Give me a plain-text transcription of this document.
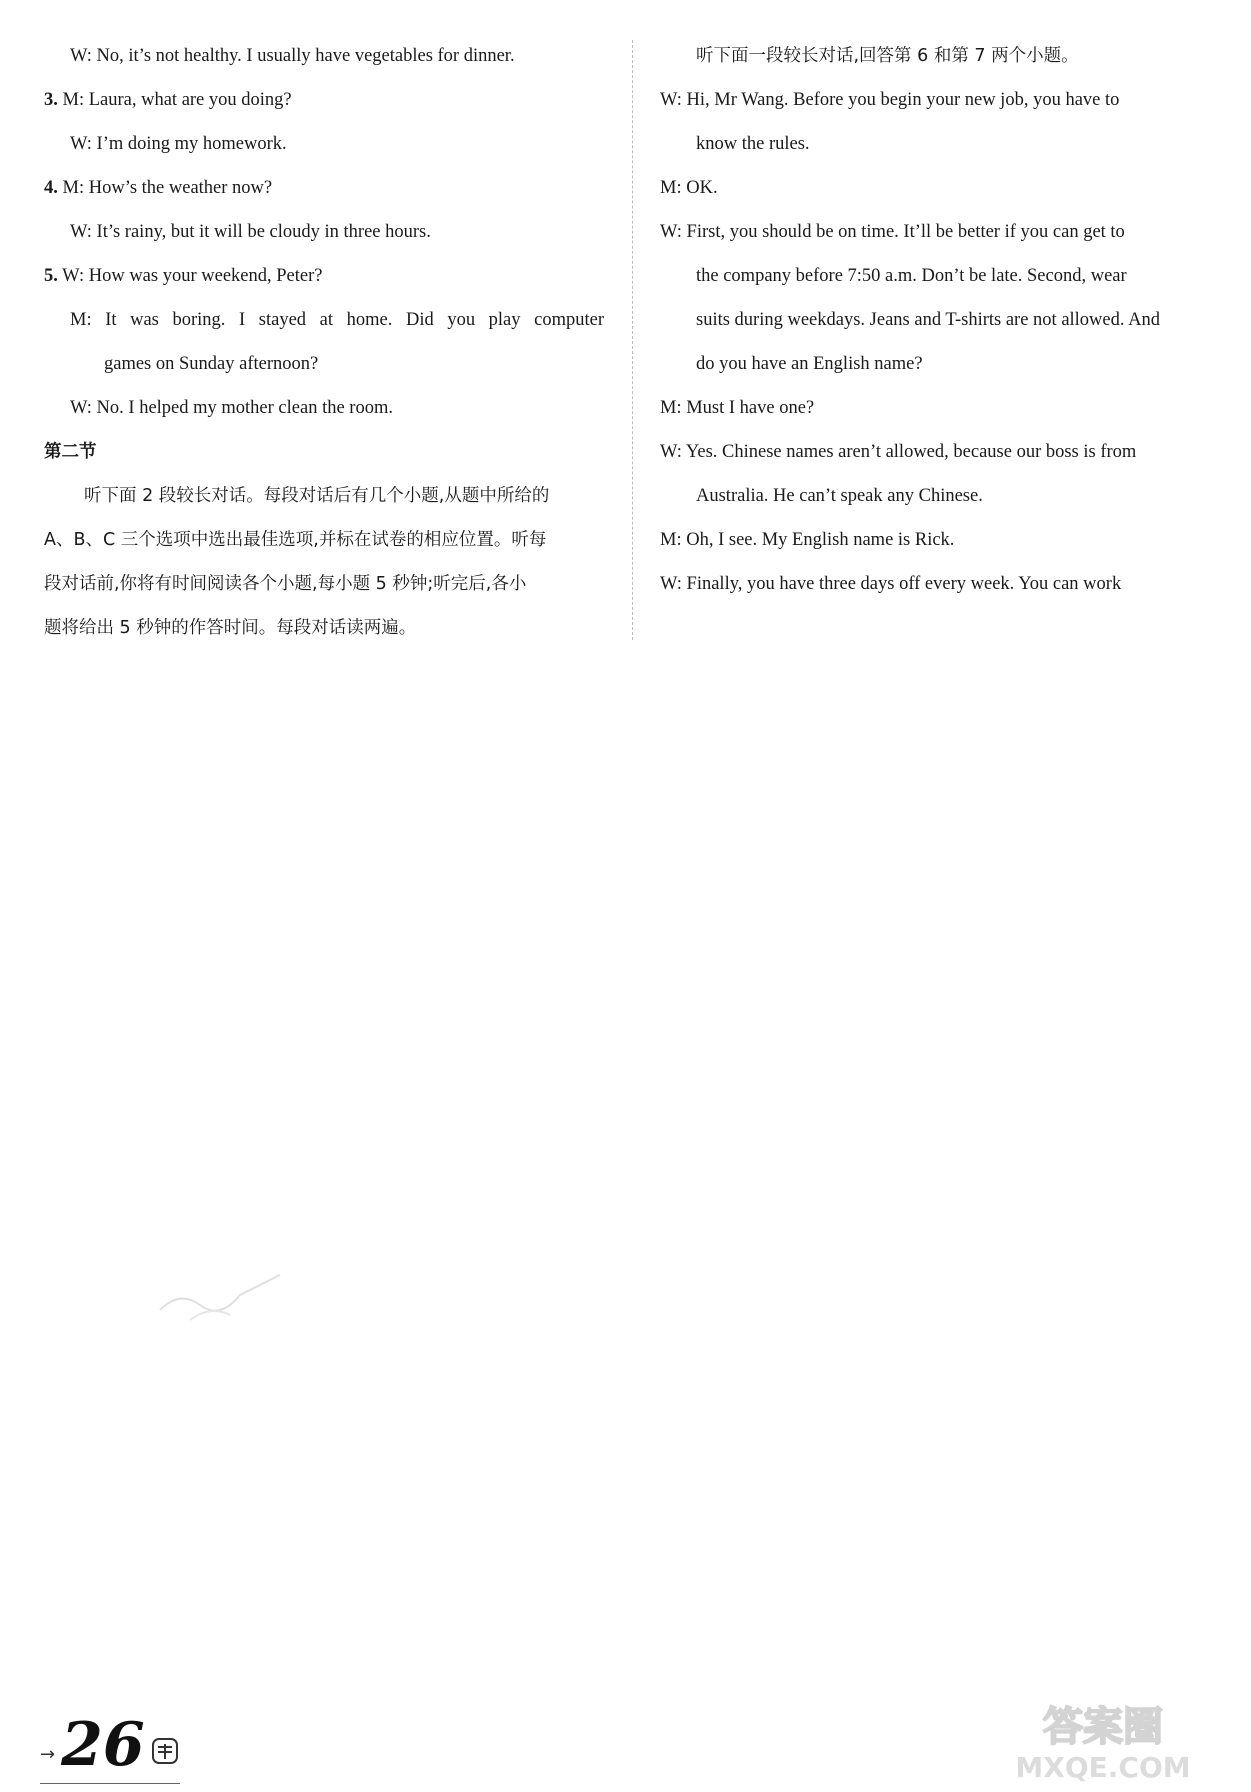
W: No, it’s not healthy. I usually have vegetables for dinner.
3. M: Laura, what are you doing?
W: I’m doing my homework.
4. M: How’s the weather now?
W: It’s rainy, but it will be cloudy in three hours.
5. W: How was your weekend, Peter?
M: It was boring. I stayed at home. Did you play computer
games on Sunday afternoon?
W: No. I helped my mother clean the room.
第二节
听下面 2 段较长对话。每段对话后有几个小题,从题中所给的
A、B、C 三个选项中选出最佳选项,并标在试卷的相应位置。听每
段对话前,你将有时间阅读各个小题,每小题 5 秒钟;听完后,各小
题将给出 5 秒钟的作答时间。每段对话读两遍。
听下面一段较长对话,回答第 6 和第 7 两个小题。
W: Hi, Mr Wang. Before you begin your new job, you have to
know the rules.
M: OK.
W: First, you should be on time. It’ll be better if you can get to
the company before 7:50 a.m. Don’t be late. Second, wear
suits during weekdays. Jeans and T-shirts are not allowed. And
do you have an English name?
M: Must I have one?
W: Yes. Chinese names aren’t allowed, because our boss is from
Australia. He can’t speak any Chinese.
M: Oh, I see. My English name is Rick.
W: Finally, you have three days off every week. You can work
→ 26	答案圈
MXQE.COM
